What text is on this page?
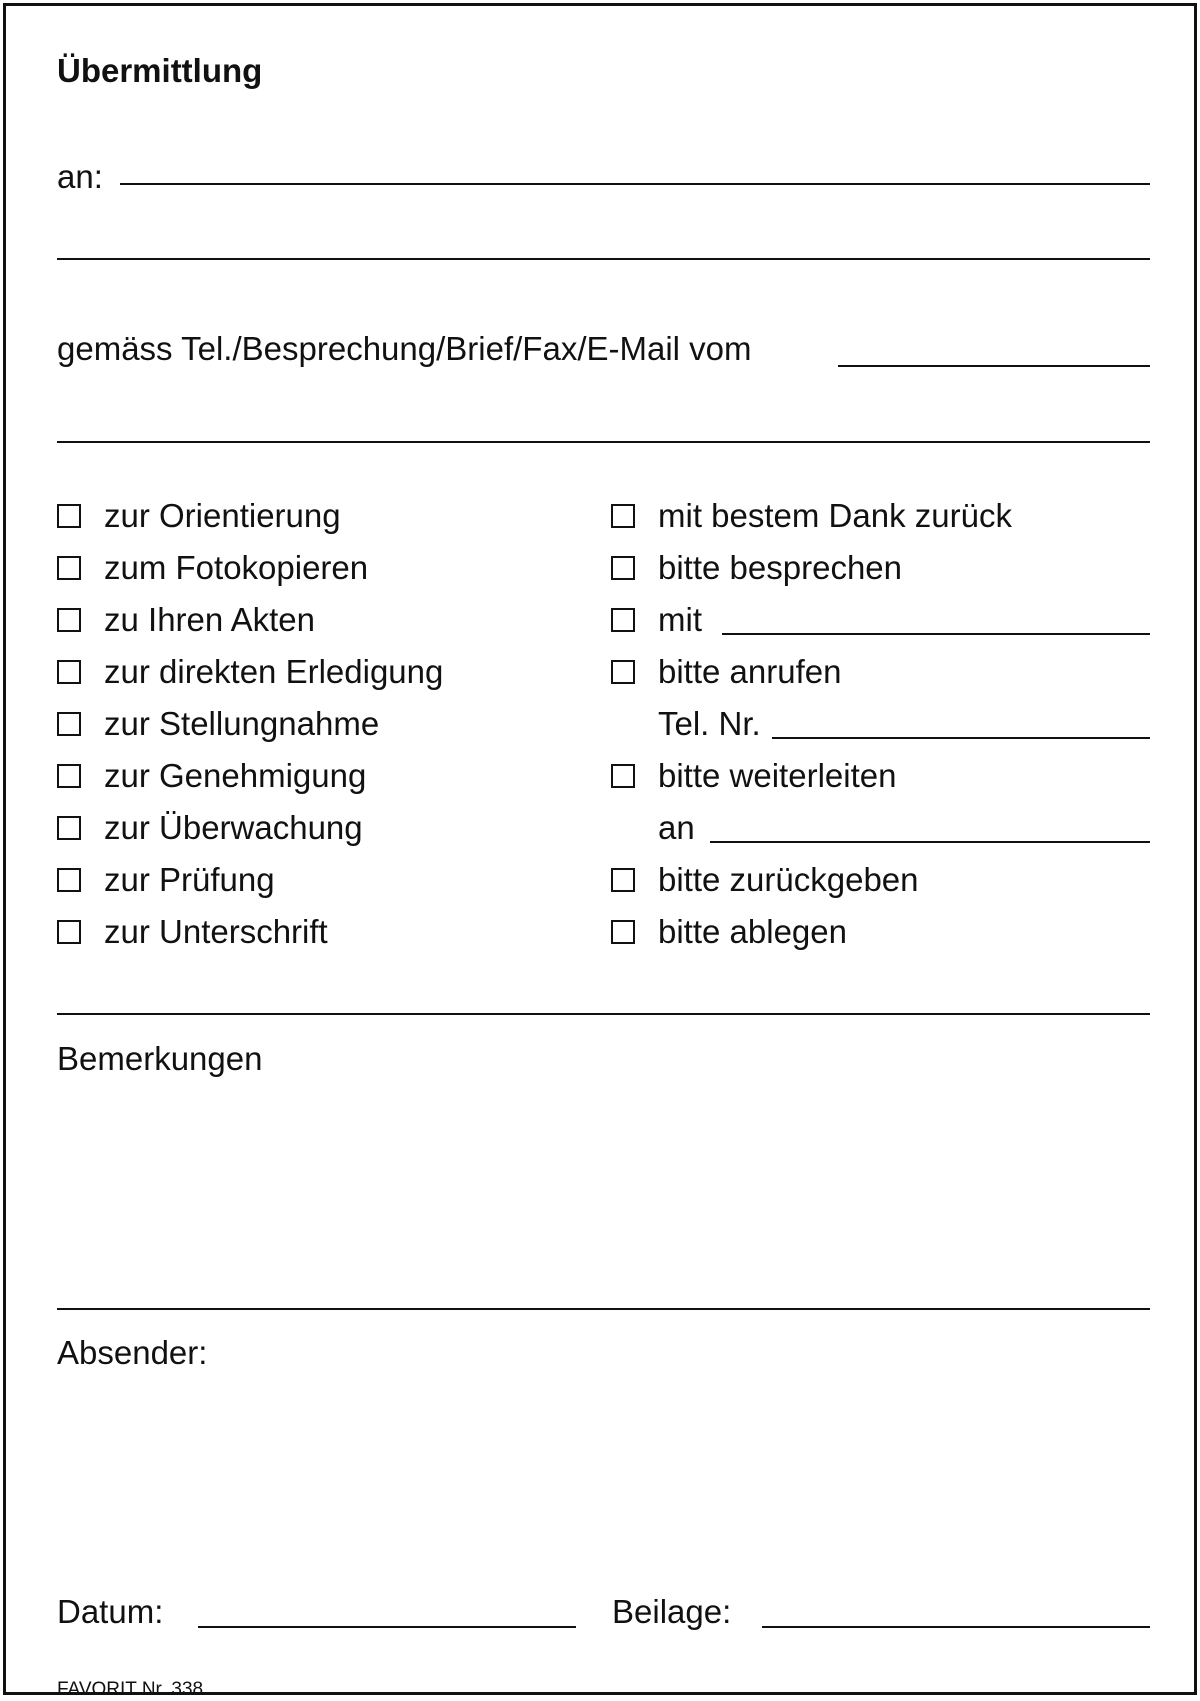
Übermittlung
an:
gemäss Tel./Besprechung/Brief/Fax/E-Mail vom
zur Orientierung
zum Fotokopieren
zu Ihren Akten
zur direkten Erledigung
zur Stellungnahme
zur Genehmigung
zur Überwachung
zur Prüfung
zur Unterschrift
mit bestem Dank zurück
bitte besprechen
mit
bitte anrufen
Tel. Nr.
bitte weiterleiten
an
bitte zurückgeben
bitte ablegen
Bemerkungen
Absender:
Datum:	Beilage:
FAVORIT Nr. 338
